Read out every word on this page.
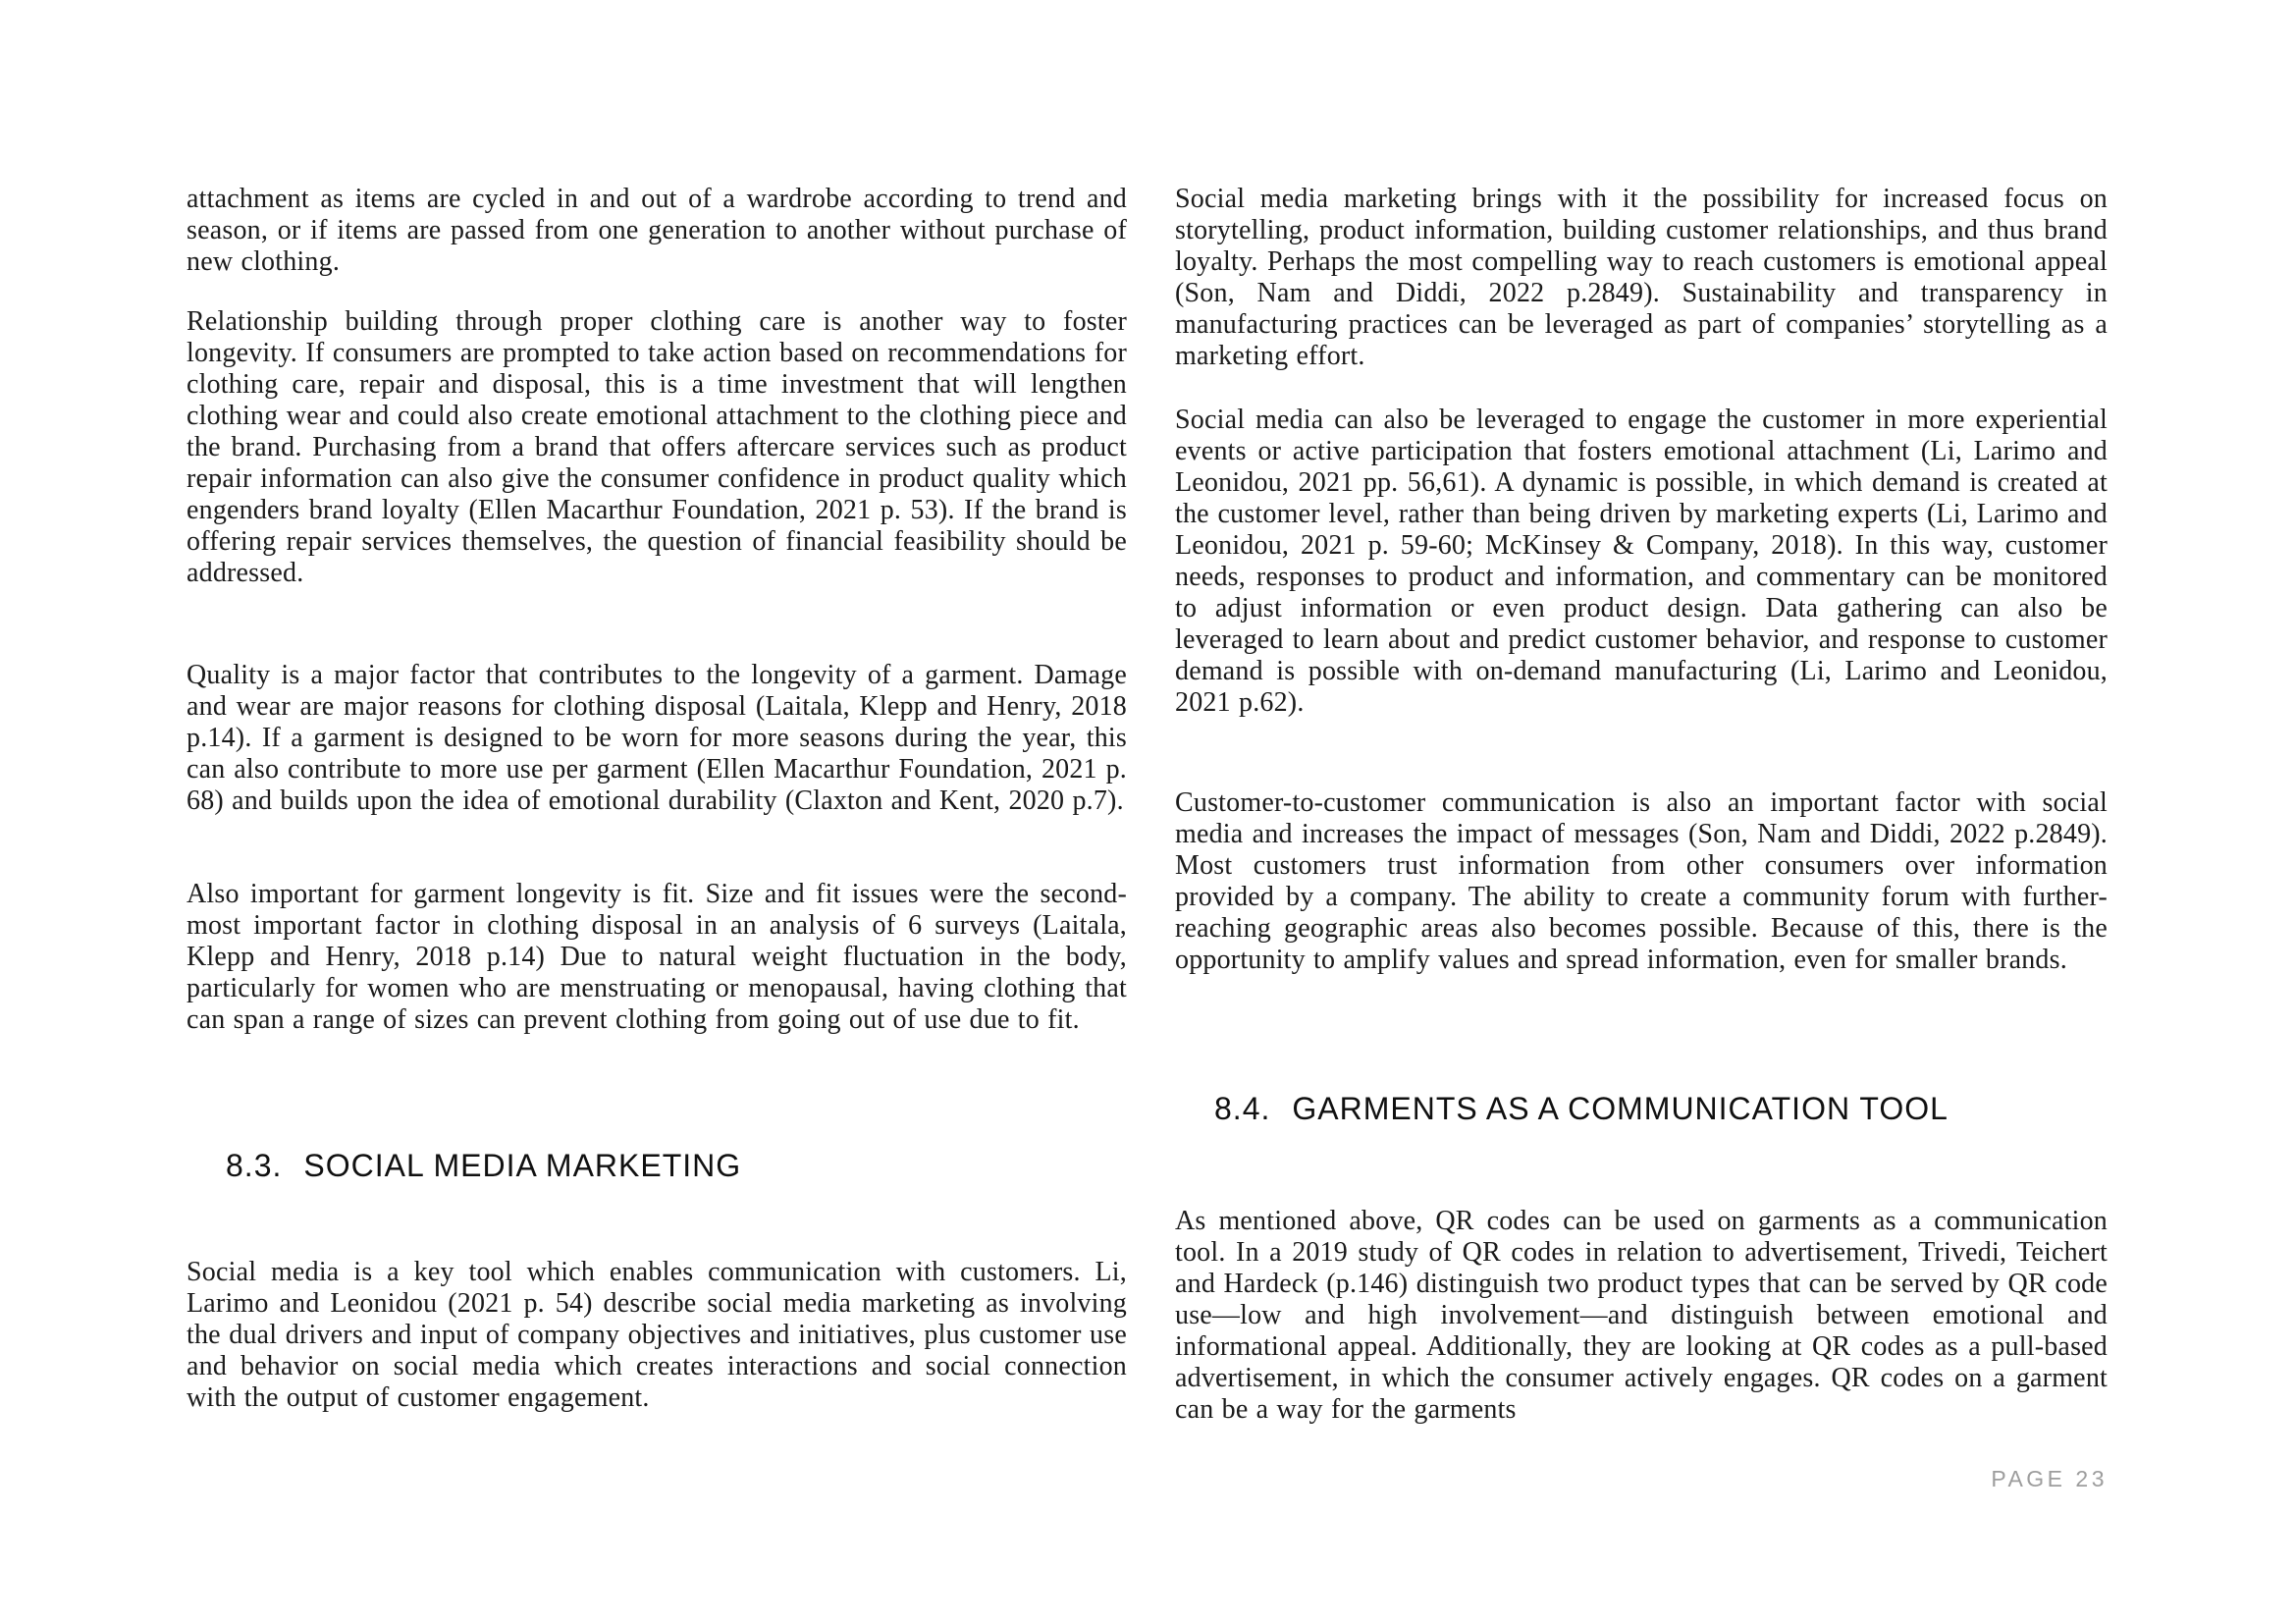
attachment as items are cycled in and out of a wardrobe according to trend and season, or if items are passed from one generation to another without purchase of new clothing.

Relationship building through proper clothing care is another way to foster longevity. If consumers are prompted to take action based on recommendations for clothing care, repair and disposal, this is a time investment that will lengthen clothing wear and could also create emotional attachment to the clothing piece and the brand. Purchasing from a brand that offers aftercare services such as product repair information can also give the consumer confidence in product quality which engenders brand loyalty (Ellen Macarthur Foundation, 2021 p. 53). If the brand is offering repair services themselves, the question of financial feasibility should be addressed.

Quality is a major factor that contributes to the longevity of a garment. Damage and wear are major reasons for clothing disposal (Laitala, Klepp and Henry, 2018 p.14). If a garment is designed to be worn for more seasons during the year, this can also contribute to more use per garment (Ellen Macarthur Foundation, 2021 p. 68) and builds upon the idea of emotional durability (Claxton and Kent, 2020 p.7).

Also important for garment longevity is fit. Size and fit issues were the second-most important factor in clothing disposal in an analysis of 6 surveys (Laitala, Klepp and Henry, 2018 p.14) Due to natural weight fluctuation in the body, particularly for women who are menstruating or menopausal, having clothing that can span a range of sizes can prevent clothing from going out of use due to fit.

8.3. SOCIAL MEDIA MARKETING

Social media is a key tool which enables communication with customers. Li, Larimo and Leonidou (2021 p. 54) describe social media marketing as involving the dual drivers and input of company objectives and initiatives, plus customer use and behavior on social media which creates interactions and social connection with the output of customer engagement.

Social media marketing brings with it the possibility for increased focus on storytelling, product information, building customer relationships, and thus brand loyalty. Perhaps the most compelling way to reach customers is emotional appeal (Son, Nam and Diddi, 2022 p.2849). Sustainability and transparency in manufacturing practices can be leveraged as part of companies’ storytelling as a marketing effort.

Social media can also be leveraged to engage the customer in more experiential events or active participation that fosters emotional attachment (Li, Larimo and Leonidou, 2021 pp. 56,61). A dynamic is possible, in which demand is created at the customer level, rather than being driven by marketing experts (Li, Larimo and Leonidou, 2021 p. 59-60; McKinsey & Company, 2018). In this way, customer needs, responses to product and information, and commentary can be monitored to adjust information or even product design. Data gathering can also be leveraged to learn about and predict customer behavior, and response to customer demand is possible with on-demand manufacturing (Li, Larimo and Leonidou, 2021 p.62).

Customer-to-customer communication is also an important factor with social media and increases the impact of messages (Son, Nam and Diddi, 2022 p.2849). Most customers trust information from other consumers over information provided by a company. The ability to create a community forum with further-reaching geographic areas also becomes possible. Because of this, there is the opportunity to amplify values and spread information, even for smaller brands.

8.4. GARMENTS AS A COMMUNICATION TOOL

As mentioned above, QR codes can be used on garments as a communication tool. In a 2019 study of QR codes in relation to advertisement, Trivedi, Teichert and Hardeck (p.146) distinguish two product types that can be served by QR code use—low and high involvement—and distinguish between emotional and informational appeal. Additionally, they are looking at QR codes as a pull-based advertisement, in which the consumer actively engages. QR codes on a garment can be a way for the garments

PAGE 23
